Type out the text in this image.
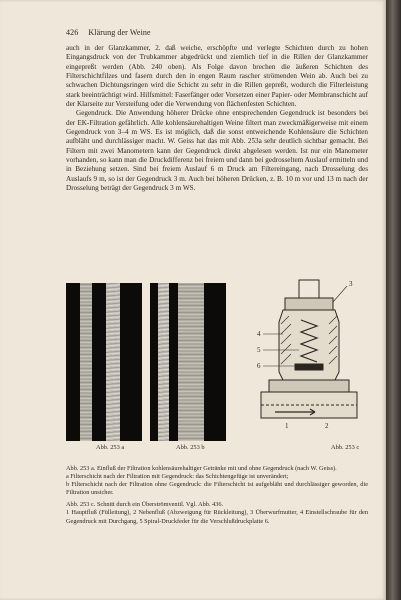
426 Klärung der Weine

auch in der Glanzkammer, 2. daß weiche, erschöpfte und verlegte Schichten durch zu hohen Eingangsdruck von der Trubkammer abgedrückt und ziemlich tief in die Rillen der Glanzkammer eingepreßt werden (Abb. 240 oben). Als Folge davon brechen die äußeren Schichten des Filterschichtfilzes und fasern durch den in engen Raum rascher strömenden Wein ab. Auch bei zu schwachen Dichtungsringen wird die Schicht zu sehr in die Rillen gepreßt, wodurch die Filterleistung stark beeinträchtigt wird. Hilfsmittel: Faserfänger oder Vorsetzen einer Papier- oder Membranschicht auf der Klarseite zur Versteifung oder die Verwendung von flächenfesten Schichten.

Gegendruck. Die Anwendung höherer Drücke ohne entsprechenden Gegendruck ist besonders bei der EK-Filtration gefährlich. Alle kohlensäurehaltigen Weine filtert man zweckmäßigerweise mit einem Gegendruck von 3–4 m WS. Es ist möglich, daß die sonst entweichende Kohlensäure die Schichten aufbläht und durchlässiger macht. W. Geiss hat das mit Abb. 253a sehr deutlich sichtbar gemacht. Bei Filtern mit zwei Manometern kann der Gegendruck direkt abgelesen werden. Ist nur ein Manometer vorhanden, so kann man die Druckdifferenz bei freiem und dann bei gedrosseltem Auslauf ermitteln und in Beziehung setzen. Sind bei freiem Auslauf 6 m Druck am Filtereingang, nach Drosselung des Auslaufs 9 m, so ist der Gegendruck 3 m. Auch bei höheren Drücken, z. B. 10 m vor und 13 m nach der Drosselung beträgt der Gegendruck 3 m WS.

3
4
5
6
1	2
Abb. 253 a	Abb. 253 b	Abb. 253 c

Abb. 253 a. Einfluß der Filtration kohlensäurehaltiger Getränke mit und ohne Gegendruck (nach W. Geiss).

a Filterschicht nach der Filtration mit Gegendruck: das Schichtengefüge ist unverändert;

b Filterschicht nach der Filtration ohne Gegendruck: die Filterschicht ist aufgebläht und durchlässiger geworden, die Filtration unsicher.

Abb. 253 c. Schnitt durch ein Überströmventil. Vgl. Abb. 436.

1 Hauptfluß (Fülleitung), 2 Nebenfluß (Abzweigung für Rückleitung), 3 Überwurfmutter, 4 Einstellschraube für den Gegendruck mit Durchgang, 5 Spiral-Druckfeder für die Verschlußdruckplatte 6.
